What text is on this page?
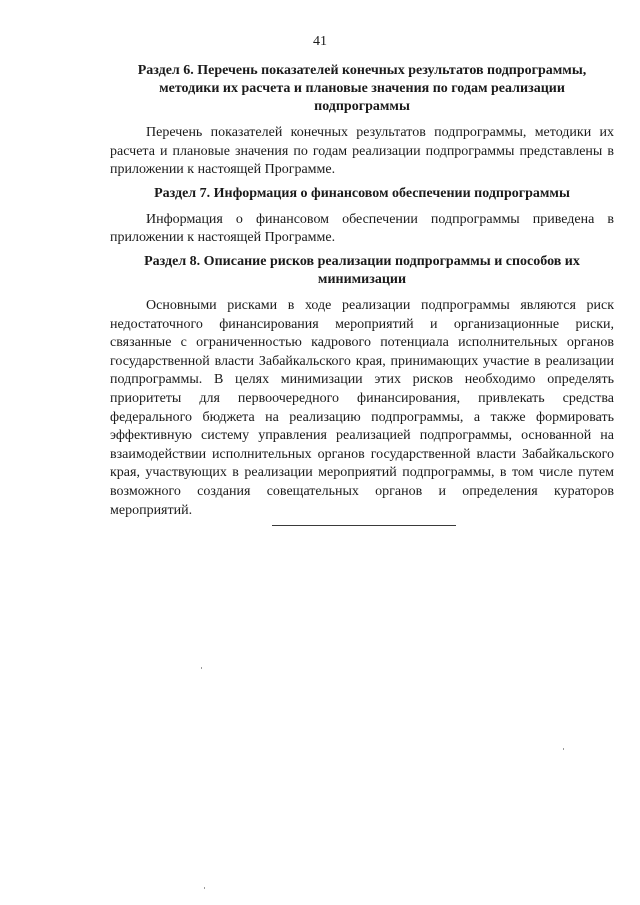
41

Раздел 6. Перечень показателей конечных результатов подпрограммы, методики их расчета и плановые значения по годам реализации подпрограммы

Перечень показателей конечных результатов подпрограммы, методики их расчета и плановые значения по годам реализации подпрограммы представлены в приложении к настоящей Программе.

Раздел 7. Информация о финансовом обеспечении подпрограммы

Информация о финансовом обеспечении подпрограммы приведена в приложении к настоящей Программе.

Раздел 8. Описание рисков реализации подпрограммы и способов их минимизации

Основными рисками в ходе реализации подпрограммы являются риск недостаточного финансирования мероприятий и организационные риски, связанные с ограниченностью кадрового потенциала исполнительных органов государственной власти Забайкальского края, принимающих участие в реализации подпрограммы. В целях минимизации этих рисков необходимо определять приоритеты для первоочередного финансирования, привлекать средства федерального бюджета на реализацию подпрограммы, а также формировать эффективную систему управления реализацией подпрограммы, основанной на взаимодействии исполнительных органов государственной власти Забайкальского края, участвующих в реализации мероприятий подпрограммы, в том числе путем возможного создания совещательных органов и определения кураторов мероприятий.
